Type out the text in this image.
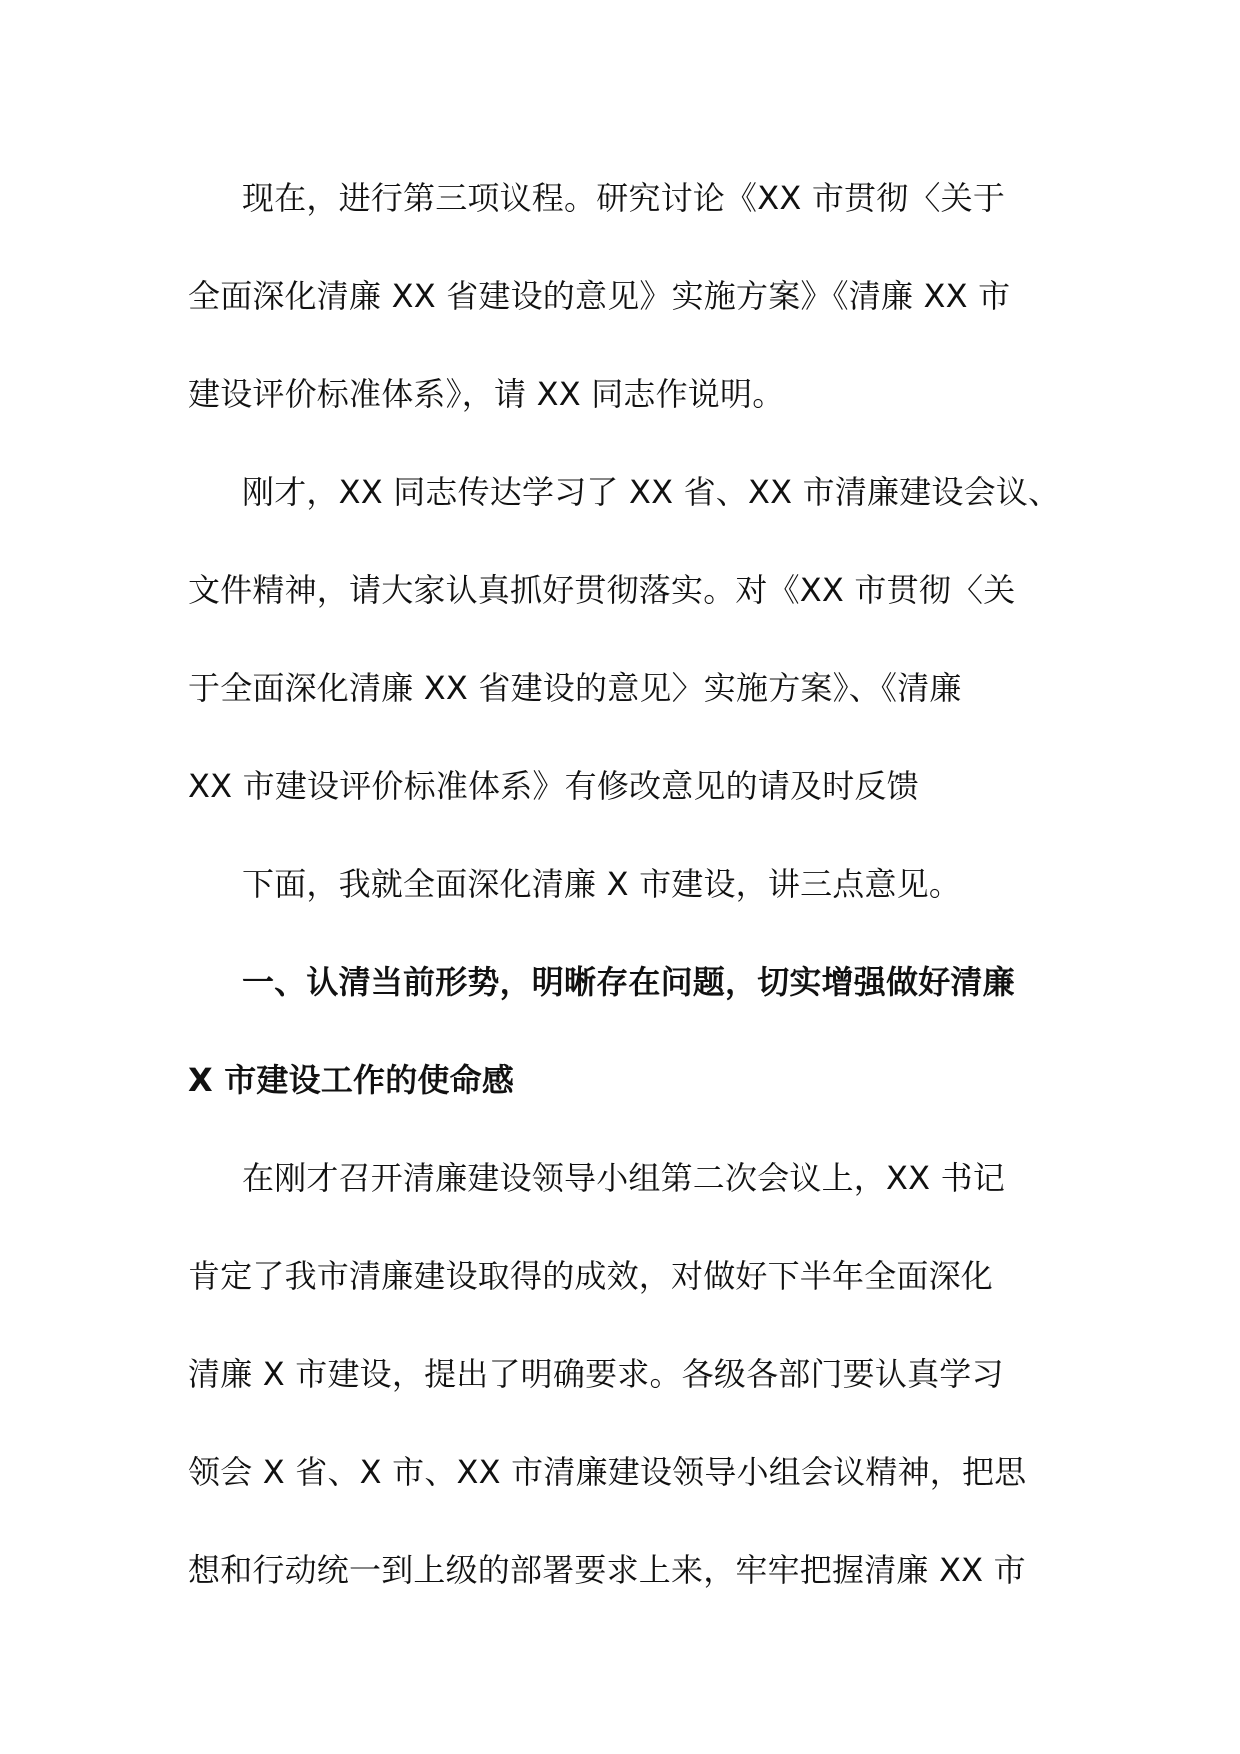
现在，进行第三项议程。研究讨论《XX 市贯彻〈关于
全面深化清廉 XX 省建设的意见》实施方案》《清廉 XX 市
建设评价标准体系》，请 XX 同志作说明。
刚才，XX 同志传达学习了 XX 省、XX 市清廉建设会议、
文件精神，请大家认真抓好贯彻落实。对《XX 市贯彻〈关
于全面深化清廉 XX 省建设的意见〉实施方案》、《清廉
XX 市建设评价标准体系》有修改意见的请及时反馈
下面，我就全面深化清廉 X 市建设，讲三点意见。
一、认清当前形势，明晰存在问题，切实增强做好清廉
X 市建设工作的使命感
在刚才召开清廉建设领导小组第二次会议上，XX 书记
肯定了我市清廉建设取得的成效，对做好下半年全面深化
清廉 X 市建设，提出了明确要求。各级各部门要认真学习
领会 X 省、X 市、XX 市清廉建设领导小组会议精神，把思
想和行动统一到上级的部署要求上来，牢牢把握清廉 XX 市
